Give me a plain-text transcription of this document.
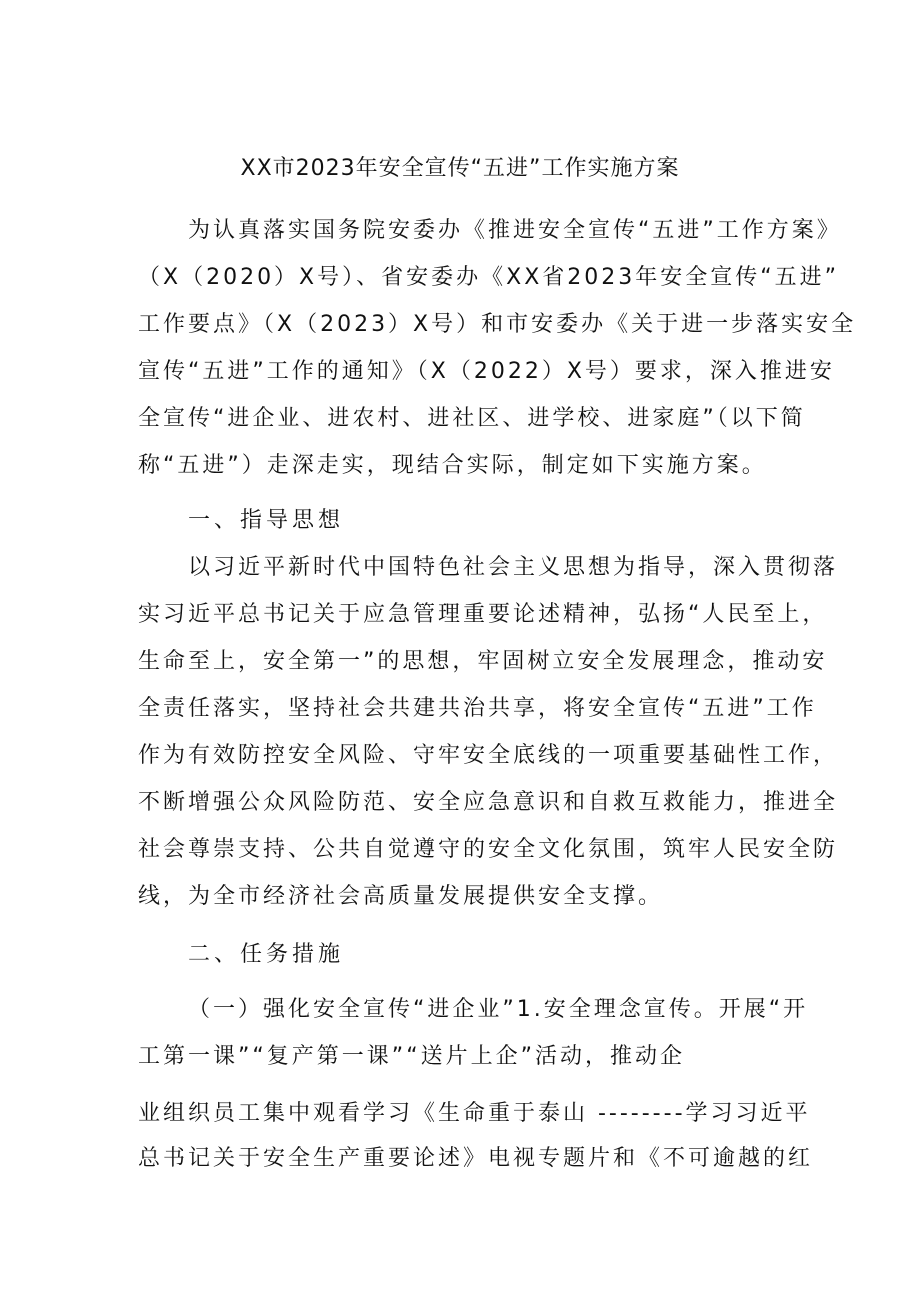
XX市2023年安全宣传“五进”工作实施方案
为认真落实国务院安委办《推进安全宣传“五进”工作方案》
（X（2020）X号）、省安委办《XX省2023年安全宣传“五进”
工作要点》（X（2023）X号）和市安委办《关于进一步落实安全
宣传“五进”工作的通知》（X（2022）X号）要求，深入推进安
全宣传“进企业、进农村、进社区、进学校、进家庭”（以下简
称“五进”）走深走实，现结合实际，制定如下实施方案。
一、指导思想
以习近平新时代中国特色社会主义思想为指导，深入贯彻落
实习近平总书记关于应急管理重要论述精神，弘扬“人民至上，
生命至上，安全第一”的思想，牢固树立安全发展理念，推动安
全责任落实，坚持社会共建共治共享，将安全宣传“五进”工作
作为有效防控安全风险、守牢安全底线的一项重要基础性工作，
不断增强公众风险防范、安全应急意识和自救互救能力，推进全
社会尊崇支持、公共自觉遵守的安全文化氛围，筑牢人民安全防
线，为全市经济社会高质量发展提供安全支撑。
二、任务措施
（一）强化安全宣传“进企业”1.安全理念宣传。开展“开
工第一课”“复产第一课”“送片上企”活动，推动企
业组织员工集中观看学习《生命重于泰山 --------学习习近平
总书记关于安全生产重要论述》电视专题片和《不可逾越的红
